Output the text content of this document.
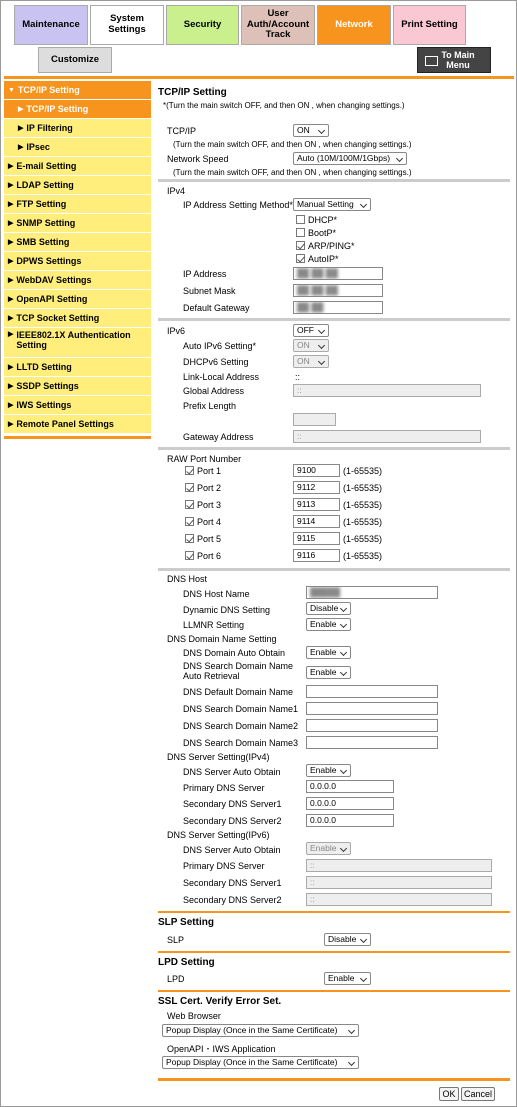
Maintenance	System Settings	Security
User Auth/Account Track
Network	Print Setting
Customize	To Main Menu
▼ TCP/IP Setting
▶ TCP/IP Setting
▶ IP Filtering
▶ IPsec
▶ E-mail Setting
▶ LDAP Setting
▶ FTP Setting
▶ SNMP Setting
▶ SMB Setting
▶ DPWS Settings
▶ WebDAV Settings
▶ OpenAPI Setting
▶ TCP Socket Setting
▶ IEEE802.1X Authentication Setting
▶ LLTD Setting
▶ SSDP Settings
▶ IWS Settings
▶ Remote Panel Settings
TCP/IP Setting
*(Turn the main switch OFF, and then ON , when changing settings.)
TCP/IP	ON
(Turn the main switch OFF, and then ON , when changing settings.)
Network Speed	Auto (10M/100M/1Gbps)
(Turn the main switch OFF, and then ON , when changing settings.)
IPv4
IP Address Setting Method* Manual Setting
DHCP*
BootP*
ARP/PING*
AutoIP*
IP Address	██ ██ ██
Subnet Mask	██ ██ ██
Default Gateway	██ ██
IPv6	OFF
Auto IPv6 Setting*	ON
DHCPv6 Setting	ON
Link-Local Address	::
Global Address	::
Prefix Length
Gateway Address	::
RAW Port Number
Port 1	9100	(1-65535)
Port 2	9112	(1-65535)
Port 3	9113	(1-65535)
Port 4	9114	(1-65535)
Port 5	9115	(1-65535)
Port 6	9116	(1-65535)
DNS Host
DNS Host Name	█████
Dynamic DNS Setting	Disable
LLMNR Setting	Enable
DNS Domain Name Setting
DNS Domain Auto Obtain	Enable
DNS Search Domain Name Auto Retrieval	Enable
DNS Default Domain Name
DNS Search Domain Name1
DNS Search Domain Name2
DNS Search Domain Name3
DNS Server Setting(IPv4)
DNS Server Auto Obtain	Enable
Primary DNS Server	0.0.0.0
Secondary DNS Server1	0.0.0.0
Secondary DNS Server2	0.0.0.0
DNS Server Setting(IPv6)
DNS Server Auto Obtain	Enable
Primary DNS Server	::
Secondary DNS Server1	::
Secondary DNS Server2	::
SLP Setting
SLP	Disable
LPD Setting
LPD	Enable
SSL Cert. Verify Error Set.
Web Browser
Popup Display (Once in the Same Certificate)
OpenAPI・IWS Application
Popup Display (Once in the Same Certificate)
OK Cancel
